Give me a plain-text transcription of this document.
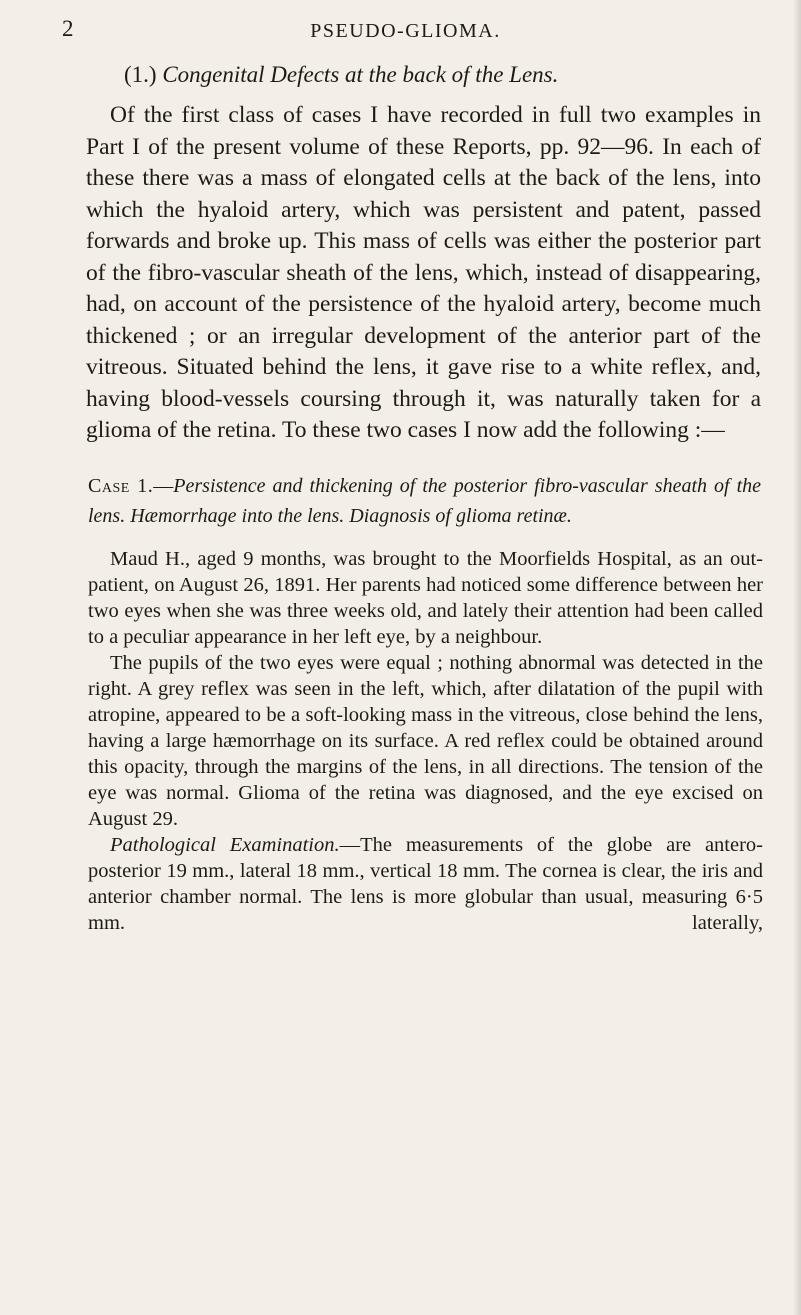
2	PSEUDO-GLIOMA.
(1.) Congenital Defects at the back of the Lens.

Of the first class of cases I have recorded in full two examples in Part I of the present volume of these Reports, pp. 92—96. In each of these there was a mass of elongated cells at the back of the lens, into which the hyaloid artery, which was persistent and patent, passed forwards and broke up. This mass of cells was either the posterior part of the fibro-vascular sheath of the lens, which, instead of disappearing, had, on account of the persistence of the hyaloid artery, become much thickened ; or an irregular development of the anterior part of the vitreous. Situated behind the lens, it gave rise to a white reflex, and, having blood-vessels coursing through it, was naturally taken for a glioma of the retina. To these two cases I now add the following :—

Case 1.—Persistence and thickening of the posterior fibro-vascular sheath of the lens. Hæmorrhage into the lens. Diagnosis of glioma retinæ.

Maud H., aged 9 months, was brought to the Moorfields Hospital, as an out-patient, on August 26, 1891. Her parents had noticed some difference between her two eyes when she was three weeks old, and lately their attention had been called to a peculiar appearance in her left eye, by a neighbour.

The pupils of the two eyes were equal ; nothing abnormal was detected in the right. A grey reflex was seen in the left, which, after dilatation of the pupil with atropine, appeared to be a soft-looking mass in the vitreous, close behind the lens, having a large hæmorrhage on its surface. A red reflex could be obtained around this opacity, through the margins of the lens, in all directions. The tension of the eye was normal. Glioma of the retina was diagnosed, and the eye excised on August 29.

Pathological Examination.—The measurements of the globe are antero-posterior 19 mm., lateral 18 mm., vertical 18 mm. The cornea is clear, the iris and anterior chamber normal. The lens is more globular than usual, measuring 6·5 mm. laterally,
